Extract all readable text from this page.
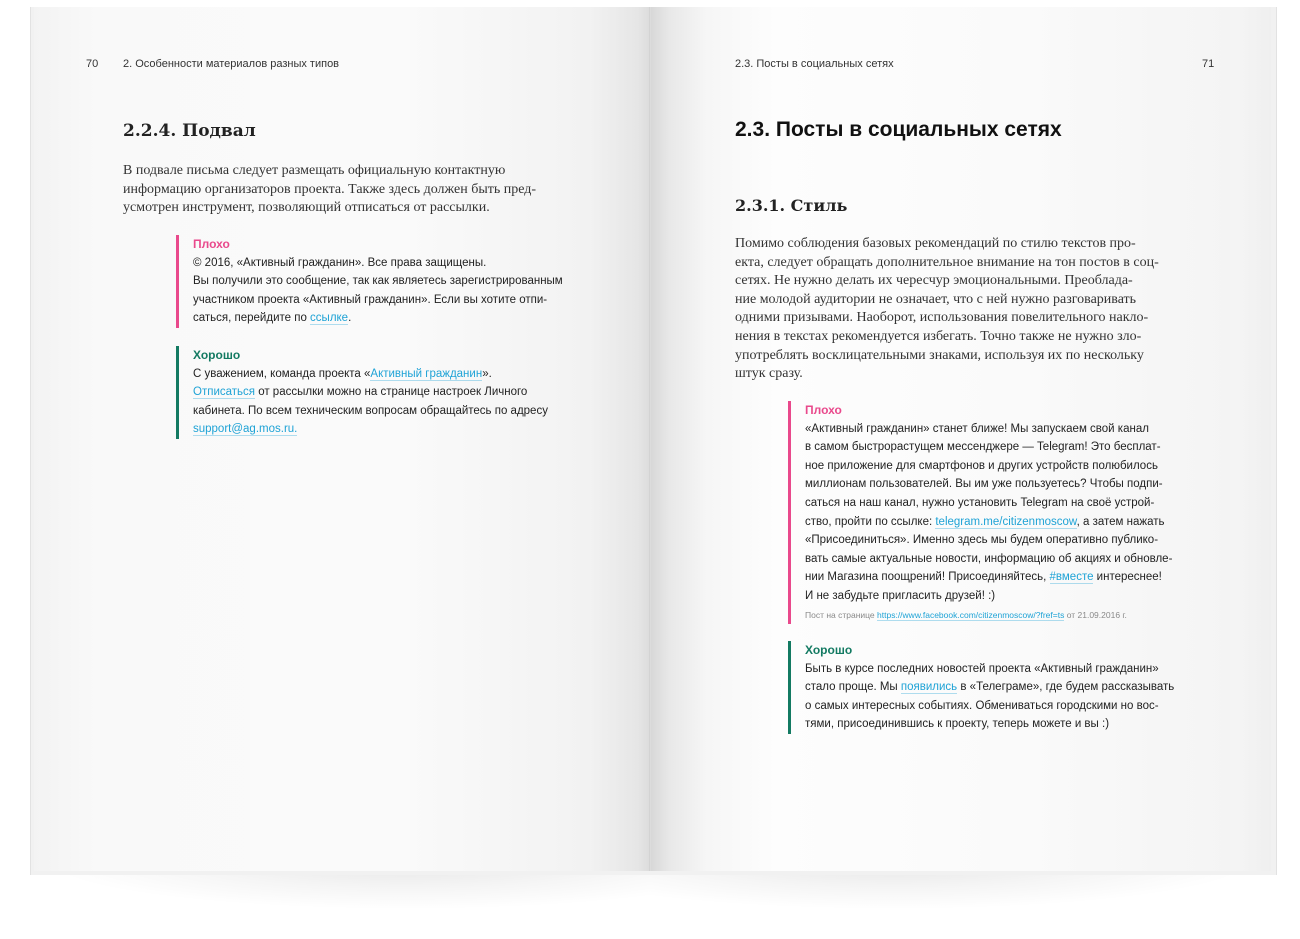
70 2. Особенности материалов разных типов
2.2.4. Подвал
В подвале письма следует размещать официальную контактную
информацию организаторов проекта. Также здесь должен быть пред-
усмотрен инструмент, позволяющий отписаться от рассылки.
Плохо
© 2016, «Активный гражданин». Все права защищены.
Вы получили это сообщение, так как являетесь зарегистрированным
участником проекта «Активный гражданин». Если вы хотите отпи-
саться, перейдите по ссылке.
Хорошо
С уважением, команда проекта «Активный гражданин».
Отписаться от рассылки можно на странице настроек Личного
кабинета. По всем техническим вопросам обращайтесь по адресу
support@ag.mos.ru.
2.3. Посты в социальных сетях	71
2.3. Посты в социальных сетях
2.3.1. Стиль
Помимо соблюдения базовых рекомендаций по стилю текстов про-
екта, следует обращать дополнительное внимание на тон постов в соц-
сетях. Не нужно делать их чересчур эмоциональными. Преоблада-
ние молодой аудитории не означает, что с ней нужно разговаривать
одними призывами. Наоборот, использования повелительного накло-
нения в текстах рекомендуется избегать. Точно также не нужно зло-
употреблять восклицательными знаками, используя их по нескольку
штук сразу.
Плохо
«Активный гражданин» станет ближе! Мы запускаем свой канал
в самом быстрорастущем мессенджере — Telegram! Это бесплат-
ное приложение для смартфонов и других устройств полюбилось
миллионам пользователей. Вы им уже пользуетесь? Чтобы подпи-
саться на наш канал, нужно установить Telegram на своё устрой-
ство, пройти по ссылке: telegram.me/citizenmoscow, а затем нажать
«Присоединиться». Именно здесь мы будем оперативно публико-
вать самые актуальные новости, информацию об акциях и обновле-
нии Магазина поощрений! Присоединяйтесь, #вместе интереснее!
И не забудьте пригласить друзей! :)
Пост на странице https://www.facebook.com/citizenmoscow/?fref=ts от 21.09.2016 г.
Хорошо
Быть в курсе последних новостей проекта «Активный гражданин»
стало проще. Мы появились в «Телеграме», где будем рассказывать
о самых интересных событиях. Обмениваться городскими но вос-
тями, присоединившись к проекту, теперь можете и вы :)
